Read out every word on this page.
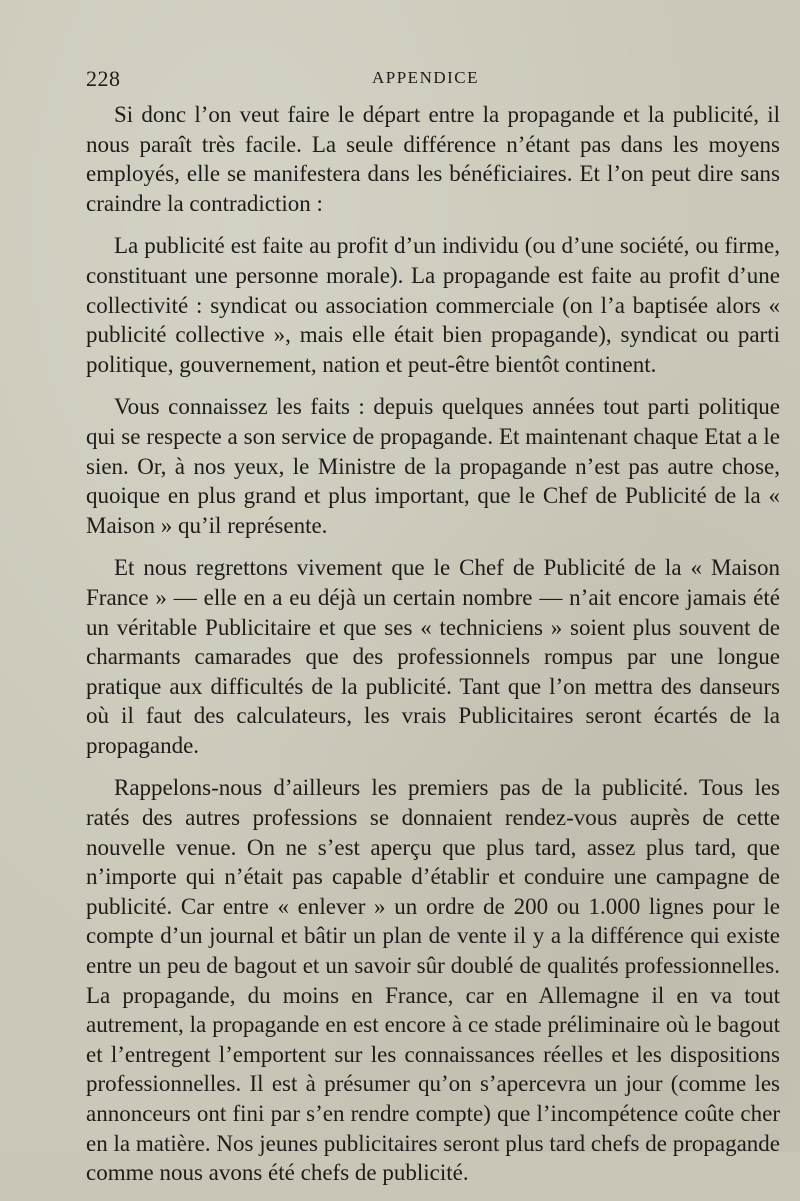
228	APPENDICE

Si donc l’on veut faire le départ entre la propagande et la publicité, il nous paraît très facile. La seule différence n’étant pas dans les moyens employés, elle se manifestera dans les bénéficiaires. Et l’on peut dire sans craindre la contradiction :

La publicité est faite au profit d’un individu (ou d’une société, ou firme, constituant une personne morale). La propagande est faite au profit d’une collectivité : syndicat ou association commerciale (on l’a baptisée alors « publicité collective », mais elle était bien propagande), syndicat ou parti politique, gouvernement, nation et peut-être bientôt continent.

Vous connaissez les faits : depuis quelques années tout parti politique qui se respecte a son service de propagande. Et maintenant chaque Etat a le sien. Or, à nos yeux, le Ministre de la propagande n’est pas autre chose, quoique en plus grand et plus important, que le Chef de Publicité de la « Maison » qu’il représente.

Et nous regrettons vivement que le Chef de Publicité de la « Maison France » — elle en a eu déjà un certain nombre — n’ait encore jamais été un véritable Publicitaire et que ses « techniciens » soient plus souvent de charmants camarades que des professionnels rompus par une longue pratique aux difficultés de la publicité. Tant que l’on mettra des danseurs où il faut des calculateurs, les vrais Publicitaires seront écartés de la propagande.

Rappelons-nous d’ailleurs les premiers pas de la publicité. Tous les ratés des autres professions se donnaient rendez-vous auprès de cette nouvelle venue. On ne s’est aperçu que plus tard, assez plus tard, que n’importe qui n’était pas capable d’établir et conduire une campagne de publicité. Car entre « enlever » un ordre de 200 ou 1.000 lignes pour le compte d’un journal et bâtir un plan de vente il y a la différence qui existe entre un peu de bagout et un savoir sûr doublé de qualités professionnelles. La propagande, du moins en France, car en Allemagne il en va tout autrement, la propagande en est encore à ce stade préliminaire où le bagout et l’entregent l’emportent sur les connaissances réelles et les dispositions professionnelles. Il est à présumer qu’on s’apercevra un jour (comme les annonceurs ont fini par s’en rendre compte) que l’incompétence coûte cher en la matière. Nos jeunes publicitaires seront plus tard chefs de propagande comme nous avons été chefs de publicité.
